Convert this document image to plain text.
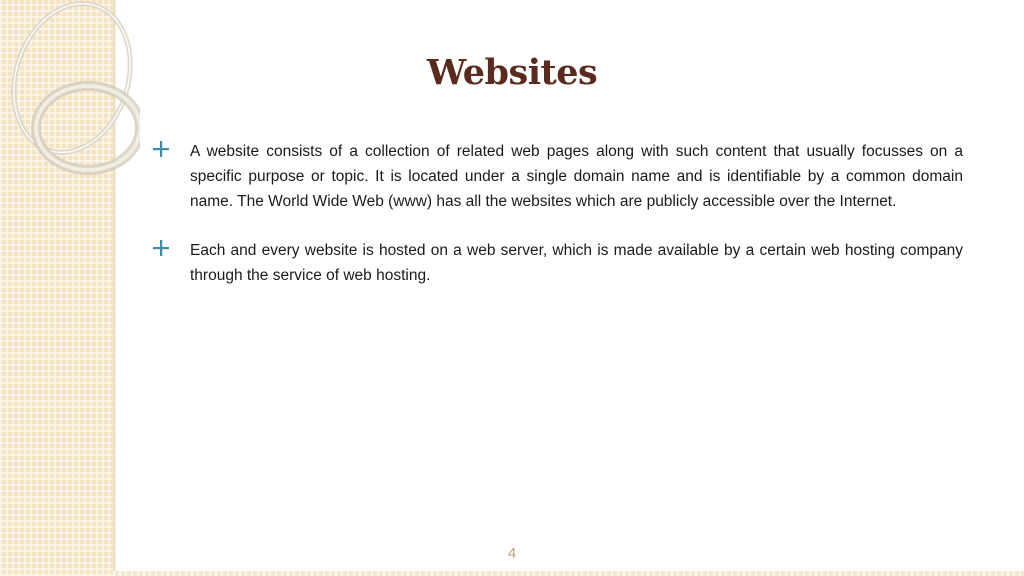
Websites

A website consists of a collection of related web pages along with such content that usually focusses on a specific purpose or topic. It is located under a single domain name and is identifiable by a common domain name. The World Wide Web (www) has all the websites which are publicly accessible over the Internet.

Each and every website is hosted on a web server, which is made available by a certain web hosting company through the service of web hosting.

4
